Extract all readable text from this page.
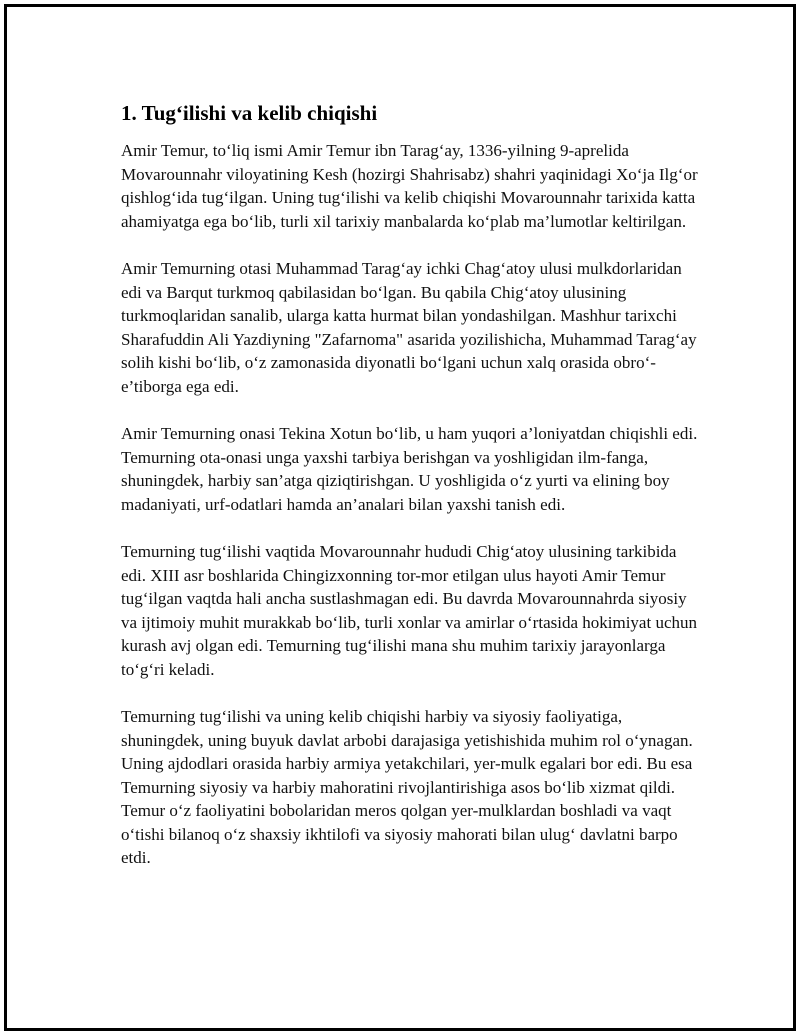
1. Tug‘ilishi va kelib chiqishi

Amir Temur, to‘liq ismi Amir Temur ibn Tarag‘ay, 1336-yilning 9-aprelida Movarounnahr viloyatining Kesh (hozirgi Shahrisabz) shahri yaqinidagi Xo‘ja Ilg‘or qishlog‘ida tug‘ilgan. Uning tug‘ilishi va kelib chiqishi Movarounnahr tarixida katta ahamiyatga ega bo‘lib, turli xil tarixiy manbalarda ko‘plab ma’lumotlar keltirilgan.

Amir Temurning otasi Muhammad Tarag‘ay ichki Chag‘atoy ulusi mulkdorlaridan edi va Barqut turkmoq qabilasidan bo‘lgan. Bu qabila Chig‘atoy ulusining turkmoqlaridan sanalib, ularga katta hurmat bilan yondashilgan. Mashhur tarixchi Sharafuddin Ali Yazdiyning "Zafarnoma" asarida yozilishicha, Muhammad Tarag‘ay solih kishi bo‘lib, o‘z zamonasida diyonatli bo‘lgani uchun xalq orasida obro‘-e’tiborga ega edi.

Amir Temurning onasi Tekina Xotun bo‘lib, u ham yuqori a’loniyatdan chiqishli edi. Temurning ota-onasi unga yaxshi tarbiya berishgan va yoshligidan ilm-fanga, shuningdek, harbiy san’atga qiziqtirishgan. U yoshligida o‘z yurti va elining boy madaniyati, urf-odatlari hamda an’analari bilan yaxshi tanish edi.

Temurning tug‘ilishi vaqtida Movarounnahr hududi Chig‘atoy ulusining tarkibida edi. XIII asr boshlarida Chingizxonning tor-mor etilgan ulus hayoti Amir Temur tug‘ilgan vaqtda hali ancha sustlashmagan edi. Bu davrda Movarounnahrda siyosiy va ijtimoiy muhit murakkab bo‘lib, turli xonlar va amirlar o‘rtasida hokimiyat uchun kurash avj olgan edi. Temurning tug‘ilishi mana shu muhim tarixiy jarayonlarga to‘g‘ri keladi.

Temurning tug‘ilishi va uning kelib chiqishi harbiy va siyosiy faoliyatiga, shuningdek, uning buyuk davlat arbobi darajasiga yetishishida muhim rol o‘ynagan. Uning ajdodlari orasida harbiy armiya yetakchilari, yer-mulk egalari bor edi. Bu esa Temurning siyosiy va harbiy mahoratini rivojlantirishiga asos bo‘lib xizmat qildi. Temur o‘z faoliyatini bobolaridan meros qolgan yer-mulklardan boshladi va vaqt o‘tishi bilanoq o‘z shaxsiy ikhtilofi va siyosiy mahorati bilan ulug‘ davlatni barpo etdi.
